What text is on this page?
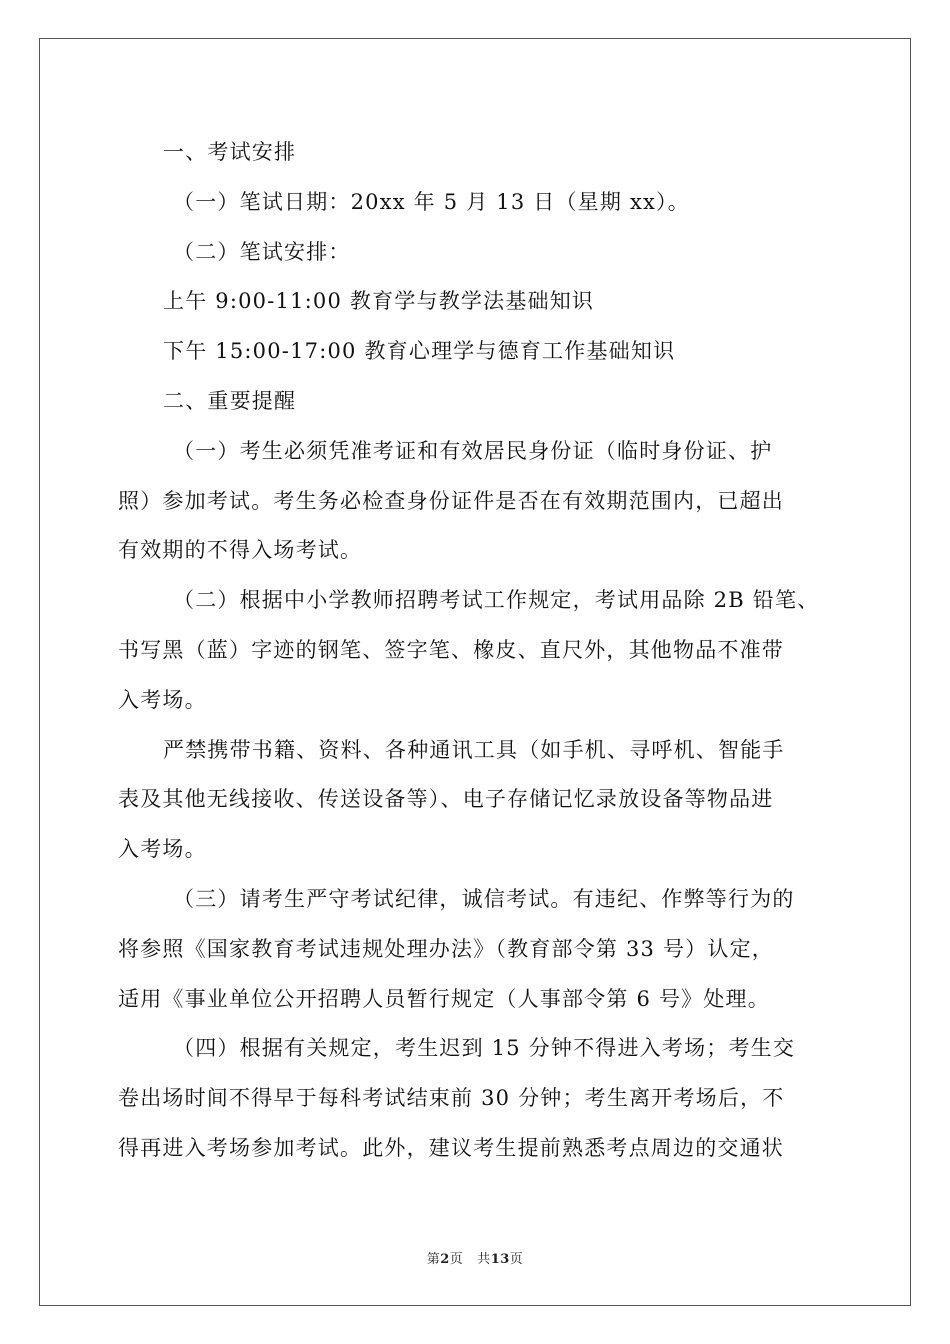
一、考试安排
（一）笔试日期：20xx 年 5 月 13 日（星期 xx）。
（二）笔试安排：
上午 9:00-11:00 教育学与教学法基础知识
下午 15:00-17:00 教育心理学与德育工作基础知识
二、重要提醒
（一）考生必须凭准考证和有效居民身份证（临时身份证、护
照）参加考试。考生务必检查身份证件是否在有效期范围内，已超出
有效期的不得入场考试。
（二）根据中小学教师招聘考试工作规定，考试用品除 2B 铅笔、
书写黑（蓝）字迹的钢笔、签字笔、橡皮、直尺外，其他物品不准带
入考场。
严禁携带书籍、资料、各种通讯工具（如手机、寻呼机、智能手
表及其他无线接收、传送设备等）、电子存储记忆录放设备等物品进
入考场。
（三）请考生严守考试纪律，诚信考试。有违纪、作弊等行为的
将参照《国家教育考试违规处理办法》（教育部令第 33 号）认定，
适用《事业单位公开招聘人员暂行规定（人事部令第 6 号》处理。
（四）根据有关规定，考生迟到 15 分钟不得进入考场；考生交
卷出场时间不得早于每科考试结束前 30 分钟；考生离开考场后，不
得再进入考场参加考试。此外，建议考生提前熟悉考点周边的交通状
第2页 共13页
